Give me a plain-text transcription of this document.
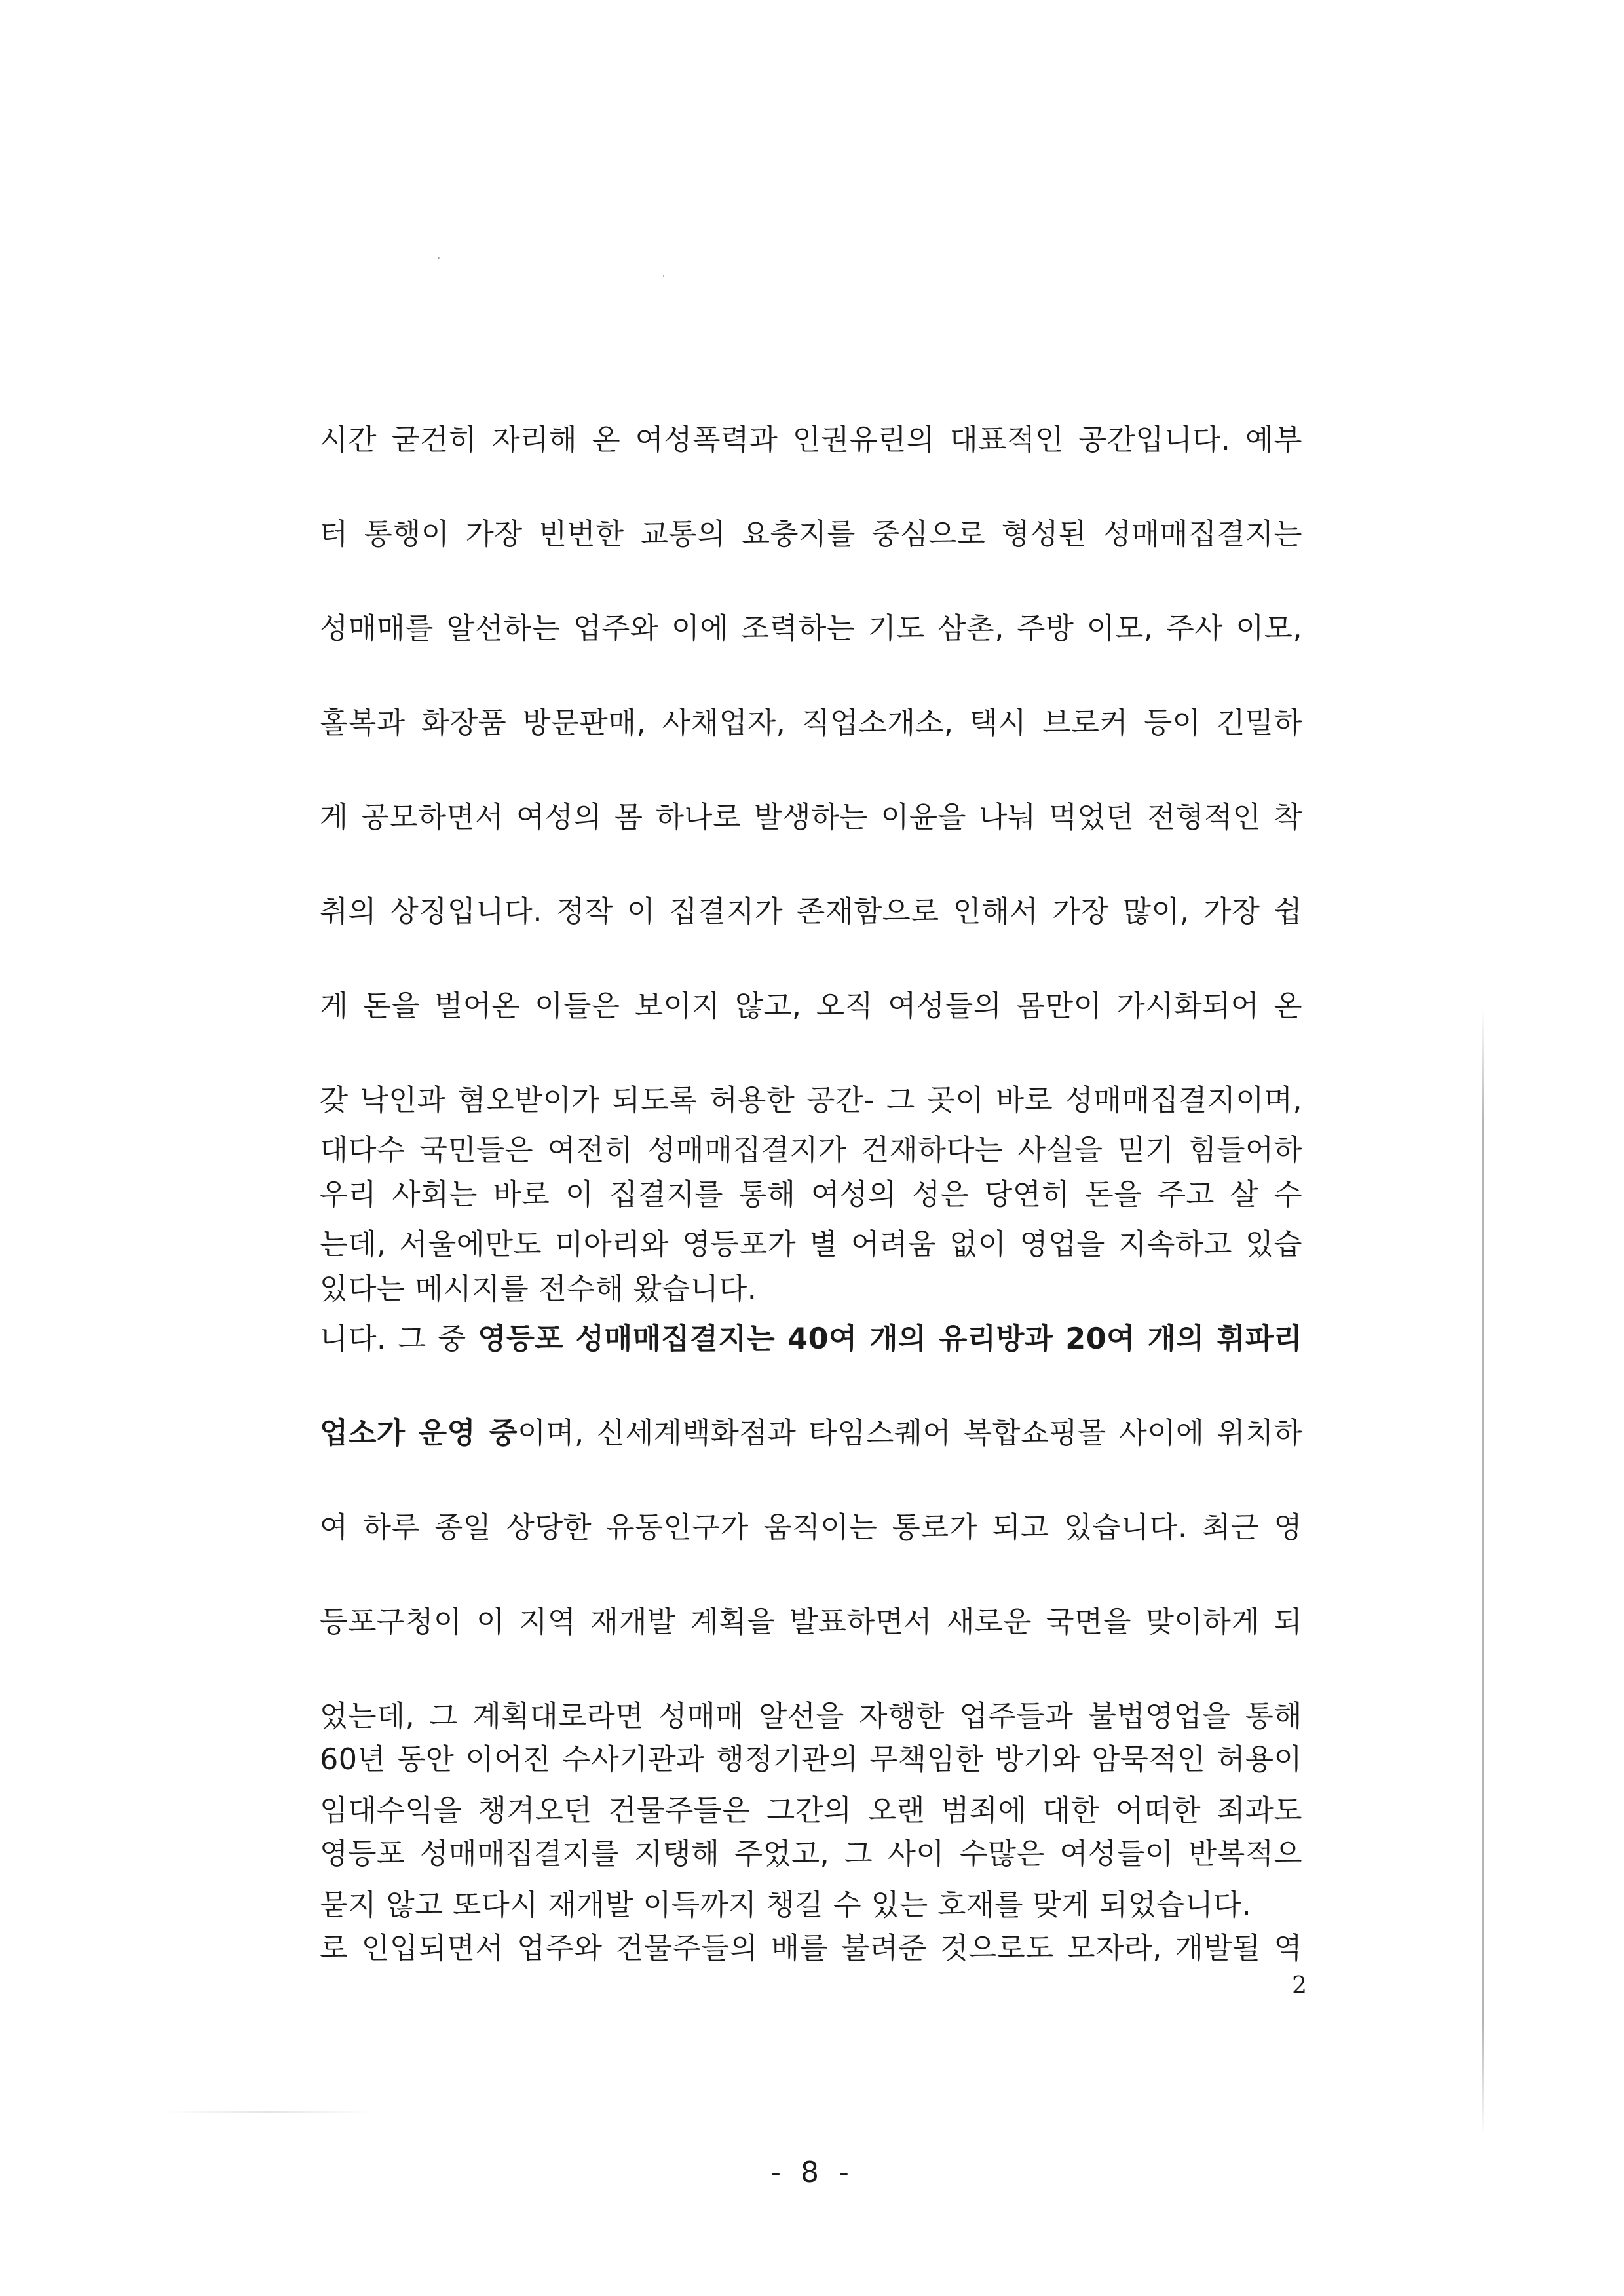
시간 굳건히 자리해 온 여성폭력과 인권유린의 대표적인 공간입니다. 예부
터 통행이 가장 빈번한 교통의 요충지를 중심으로 형성된 성매매집결지는
성매매를 알선하는 업주와 이에 조력하는 기도 삼촌, 주방 이모, 주사 이모,
홀복과 화장품 방문판매, 사채업자, 직업소개소, 택시 브로커 등이 긴밀하
게 공모하면서 여성의 몸 하나로 발생하는 이윤을 나눠 먹었던 전형적인 착
취의 상징입니다. 정작 이 집결지가 존재함으로 인해서 가장 많이, 가장 쉽
게 돈을 벌어온 이들은 보이지 않고, 오직 여성들의 몸만이 가시화되어 온
갖 낙인과 혐오받이가 되도록 허용한 공간- 그 곳이 바로 성매매집결지이며,
우리 사회는 바로 이 집결지를 통해 여성의 성은 당연히 돈을 주고 살 수
있다는 메시지를 전수해 왔습니다.
대다수 국민들은 여전히 성매매집결지가 건재하다는 사실을 믿기 힘들어하
는데, 서울에만도 미아리와 영등포가 별 어려움 없이 영업을 지속하고 있습
니다. 그 중 영등포 성매매집결지는 40여 개의 유리방과 20여 개의 휘파리
업소가 운영 중이며, 신세계백화점과 타임스퀘어 복합쇼핑몰 사이에 위치하
여 하루 종일 상당한 유동인구가 움직이는 통로가 되고 있습니다. 최근 영
등포구청이 이 지역 재개발 계획을 발표하면서 새로운 국면을 맞이하게 되
었는데, 그 계획대로라면 성매매 알선을 자행한 업주들과 불법영업을 통해
임대수익을 챙겨오던 건물주들은 그간의 오랜 범죄에 대한 어떠한 죄과도
묻지 않고 또다시 재개발 이득까지 챙길 수 있는 호재를 맞게 되었습니다.
60년 동안 이어진 수사기관과 행정기관의 무책임한 방기와 암묵적인 허용이
영등포 성매매집결지를 지탱해 주었고, 그 사이 수많은 여성들이 반복적으
로 인입되면서 업주와 건물주들의 배를 불려준 것으로도 모자라, 개발될 역
2
- 8 -
